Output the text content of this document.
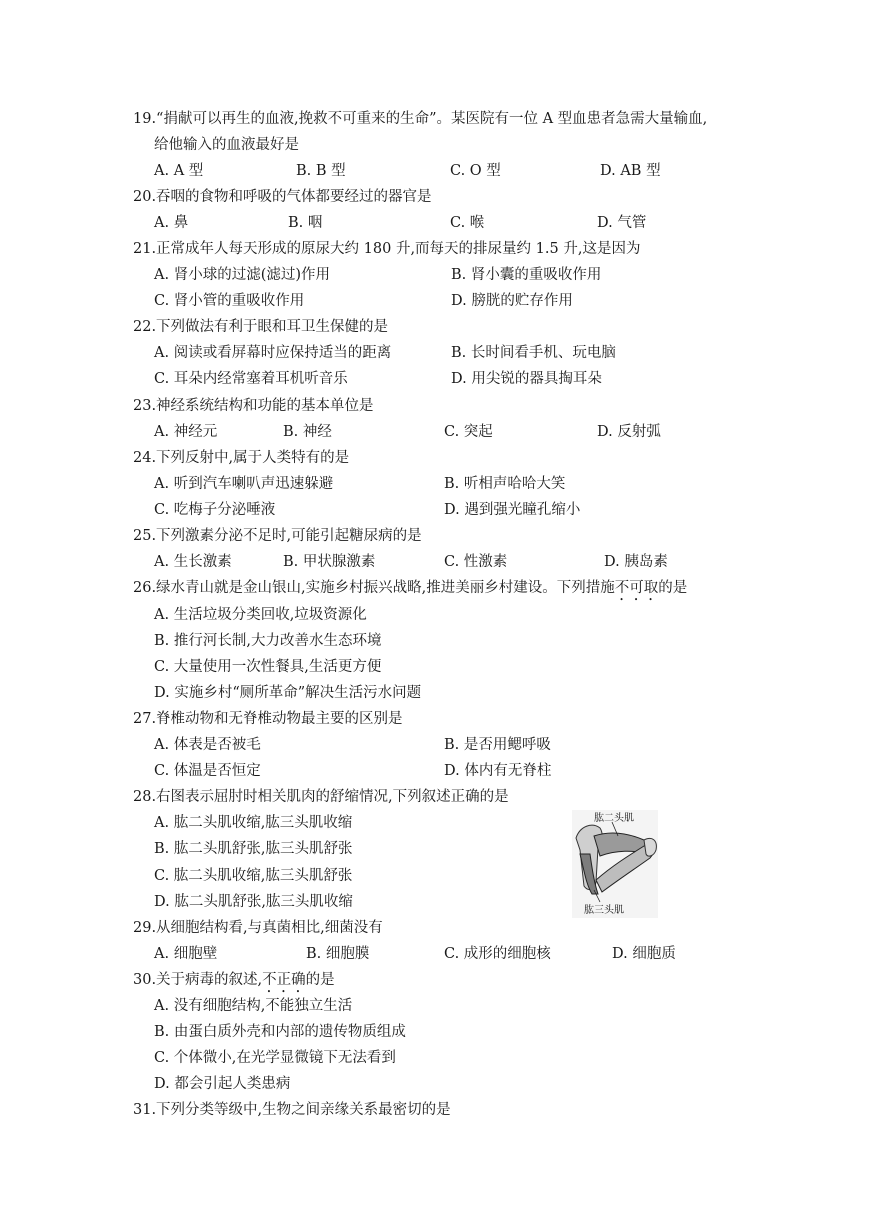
19.“捐献可以再生的血液,挽救不可重来的生命”。某医院有一位 A 型血患者急需大量输血,
给他输入的血液最好是
A. A 型	B. B 型	C. O 型	D. AB 型
20.吞咽的食物和呼吸的气体都要经过的器官是
A. 鼻	B. 咽	C. 喉	D. 气管
21.正常成年人每天形成的原尿大约 180 升,而每天的排尿量约 1.5 升,这是因为
A. 肾小球的过滤(滤过)作用	B. 肾小囊的重吸收作用
C. 肾小管的重吸收作用	D. 膀胱的贮存作用
22.下列做法有利于眼和耳卫生保健的是
A. 阅读或看屏幕时应保持适当的距离	B. 长时间看手机、玩电脑
C. 耳朵内经常塞着耳机听音乐	D. 用尖锐的器具掏耳朵
23.神经系统结构和功能的基本单位是
A. 神经元	B. 神经	C. 突起	D. 反射弧
24.下列反射中,属于人类特有的是
A. 听到汽车喇叭声迅速躲避	B. 听相声哈哈大笑
C. 吃梅子分泌唾液	D. 遇到强光瞳孔缩小
25.下列激素分泌不足时,可能引起糖尿病的是
A. 生长激素	B. 甲状腺激素	C. 性激素	D. 胰岛素
26.绿水青山就是金山银山,实施乡村振兴战略,推进美丽乡村建设。下列措施不可取的是
A. 生活垃圾分类回收,垃圾资源化
B. 推行河长制,大力改善水生态环境
C. 大量使用一次性餐具,生活更方便
D. 实施乡村“厕所革命”解决生活污水问题
27.脊椎动物和无脊椎动物最主要的区别是
A. 体表是否被毛	B. 是否用鳃呼吸
C. 体温是否恒定	D. 体内有无脊柱
28.右图表示屈肘时相关肌肉的舒缩情况,下列叙述正确的是
A. 肱二头肌收缩,肱三头肌收缩
B. 肱二头肌舒张,肱三头肌舒张
C. 肱二头肌收缩,肱三头肌舒张
D. 肱二头肌舒张,肱三头肌收缩
肱二头肌
肱三头肌
29.从细胞结构看,与真菌相比,细菌没有
A. 细胞壁	B. 细胞膜	C. 成形的细胞核	D. 细胞质
30.关于病毒的叙述,不正确的是
A. 没有细胞结构,不能独立生活
B. 由蛋白质外壳和内部的遗传物质组成
C. 个体微小,在光学显微镜下无法看到
D. 都会引起人类患病
31.下列分类等级中,生物之间亲缘关系最密切的是
